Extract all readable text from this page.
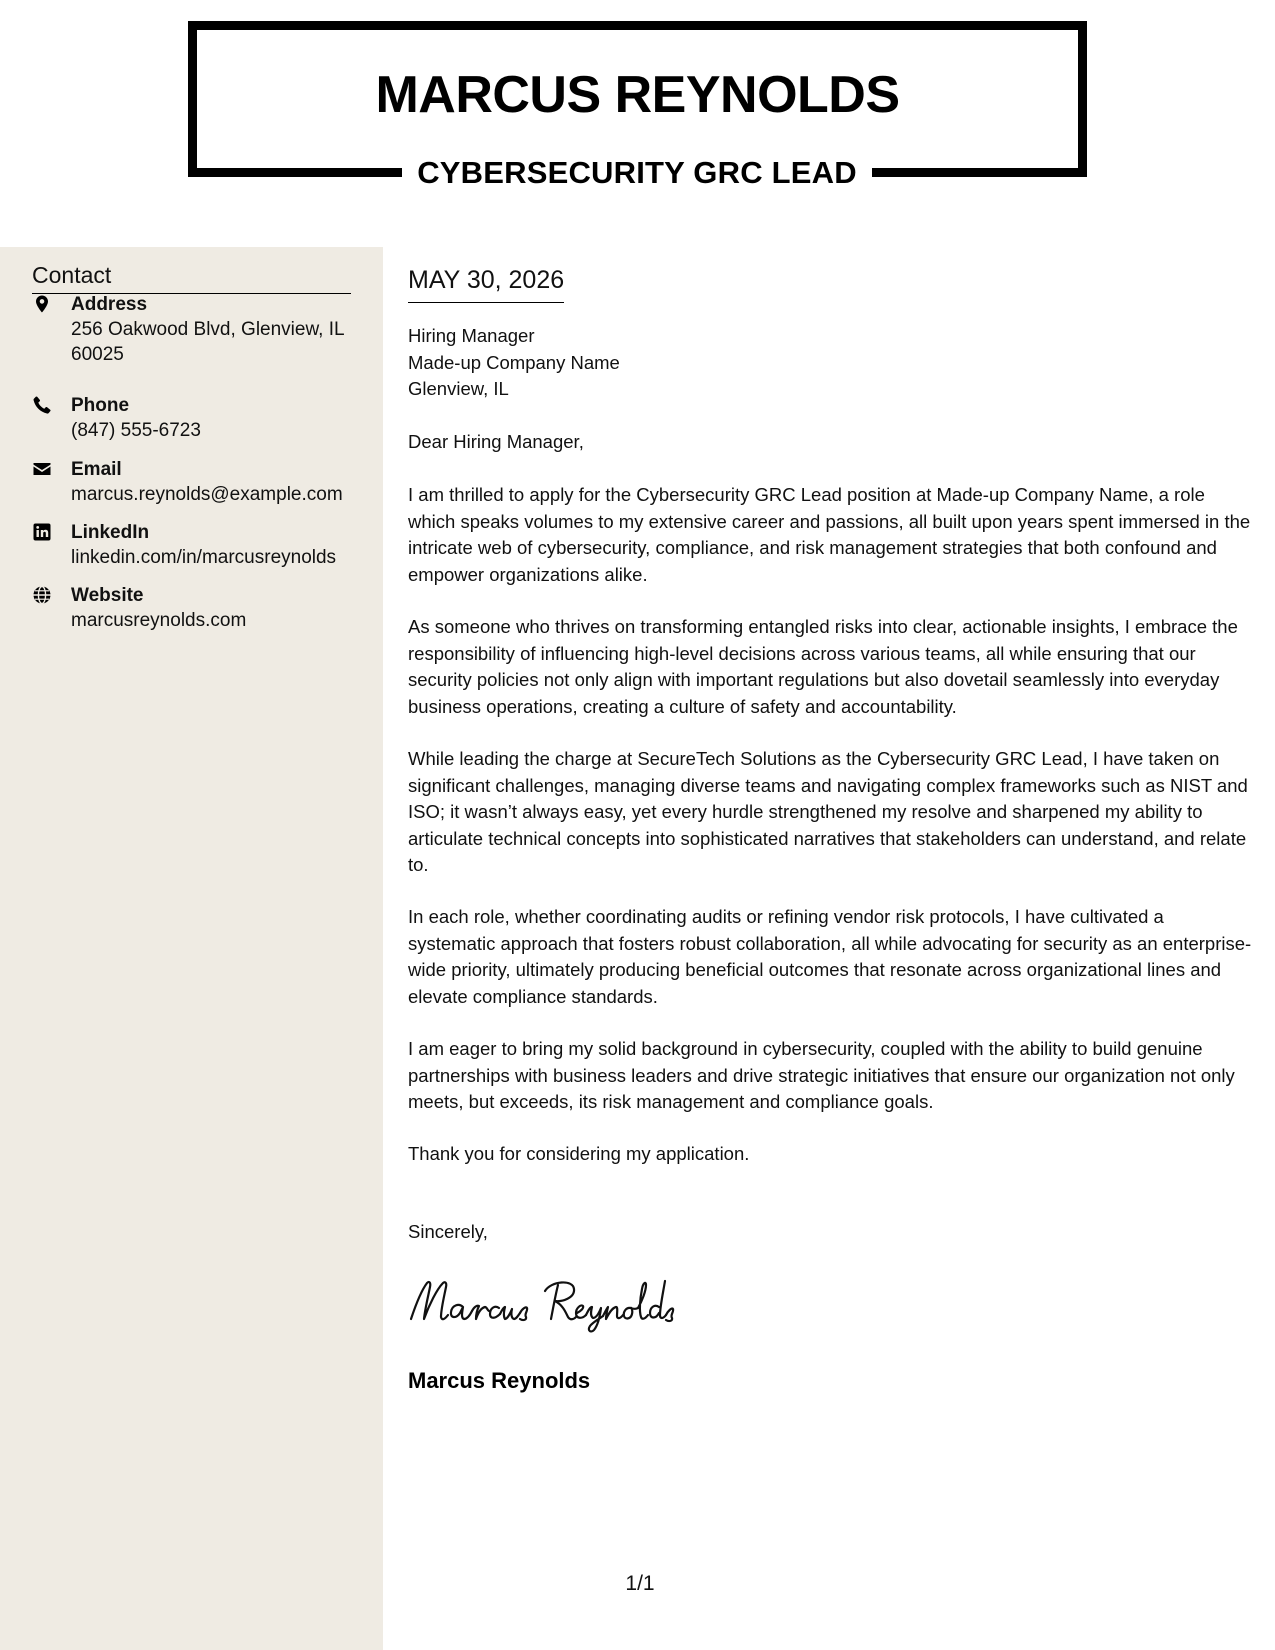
MARCUS REYNOLDS
CYBERSECURITY GRC LEAD
Contact
Address
256 Oakwood Blvd, Glenview, IL 60025
Phone
(847) 555-6723
Email
marcus.reynolds@example.com
LinkedIn
linkedin.com/in/marcusreynolds
Website
marcusreynolds.com
MAY 30, 2026
Hiring Manager
Made-up Company Name
Glenview, IL
Dear Hiring Manager,
I am thrilled to apply for the Cybersecurity GRC Lead position at Made-up Company Name, a role which speaks volumes to my extensive career and passions, all built upon years spent immersed in the intricate web of cybersecurity, compliance, and risk management strategies that both confound and empower organizations alike.
As someone who thrives on transforming entangled risks into clear, actionable insights, I embrace the responsibility of influencing high-level decisions across various teams, all while ensuring that our security policies not only align with important regulations but also dovetail seamlessly into everyday business operations, creating a culture of safety and accountability.
While leading the charge at SecureTech Solutions as the Cybersecurity GRC Lead, I have taken on significant challenges, managing diverse teams and navigating complex frameworks such as NIST and ISO; it wasn’t always easy, yet every hurdle strengthened my resolve and sharpened my ability to articulate technical concepts into sophisticated narratives that stakeholders can understand, and relate to.
In each role, whether coordinating audits or refining vendor risk protocols, I have cultivated a systematic approach that fosters robust collaboration, all while advocating for security as an enterprise-wide priority, ultimately producing beneficial outcomes that resonate across organizational lines and elevate compliance standards.
I am eager to bring my solid background in cybersecurity, coupled with the ability to build genuine partnerships with business leaders and drive strategic initiatives that ensure our organization not only meets, but exceeds, its risk management and compliance goals.
Thank you for considering my application.
Sincerely,
Marcus Reynolds
1/1
